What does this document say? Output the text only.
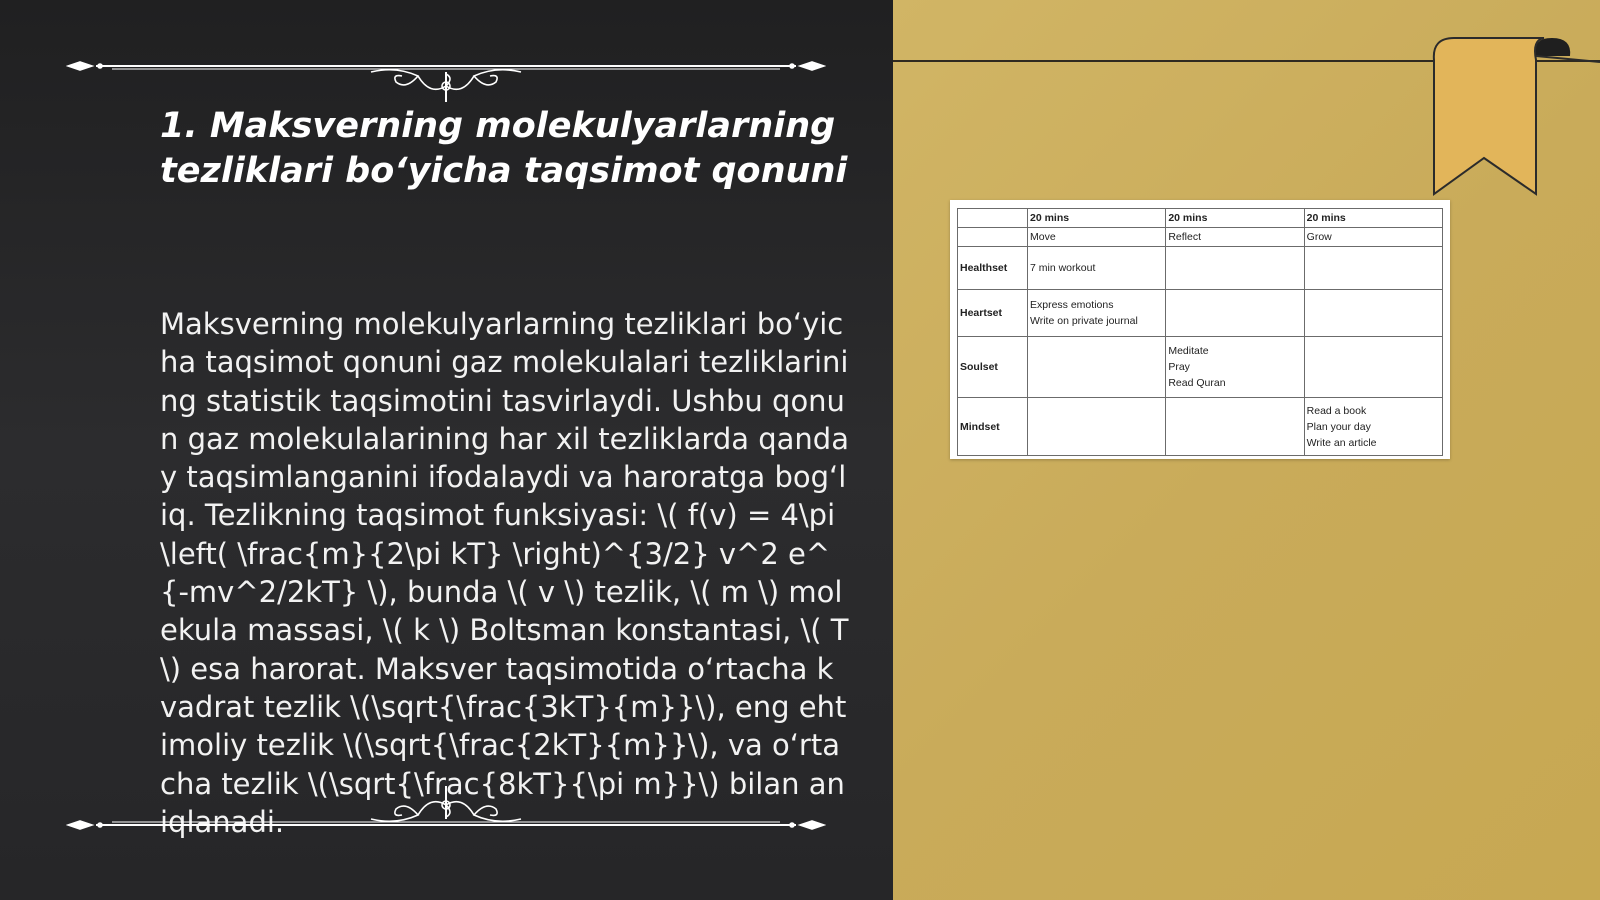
1. Maksverning molekulyarlarning tezliklari bo‘yicha taqsimot qonuni

Maksverning molekulyarlarning tezliklari bo‘yicha taqsimot qonuni gaz molekulalari tezliklarining statistik taqsimotini tasvirlaydi. Ushbu qonun gaz molekulalarining har xil tezliklarda qanday taqsimlanganini ifodalaydi va haroratga bog‘liq. Tezlikning taqsimot funksiyasi: \( f(v) = 4\pi \left( \frac{m}{2\pi kT} \right)^{3/2} v^2 e^{-mv^2/2kT} \), bunda \( v \) tezlik, \( m \) molekula massasi, \( k \) Boltsman konstantasi, \( T \) esa harorat. Maksver taqsimotida o‘rtacha kvadrat tezlik \(\sqrt{\frac{3kT}{m}}\), eng ehtimoliy tezlik \(\sqrt{\frac{2kT}{m}}\), va o‘rtacha tezlik \(\sqrt{\frac{8kT}{\pi m}}\) bilan aniqlanadi.

	20 mins	20 mins	20 mins
	Move	Reflect	Grow
Healthset	7 min workout		
Heartset	Express emotions
Write on private journal		

Soulset		Meditate
Pray
Read Quran	

Mindset			Read a book
Plan your day
Write an article
